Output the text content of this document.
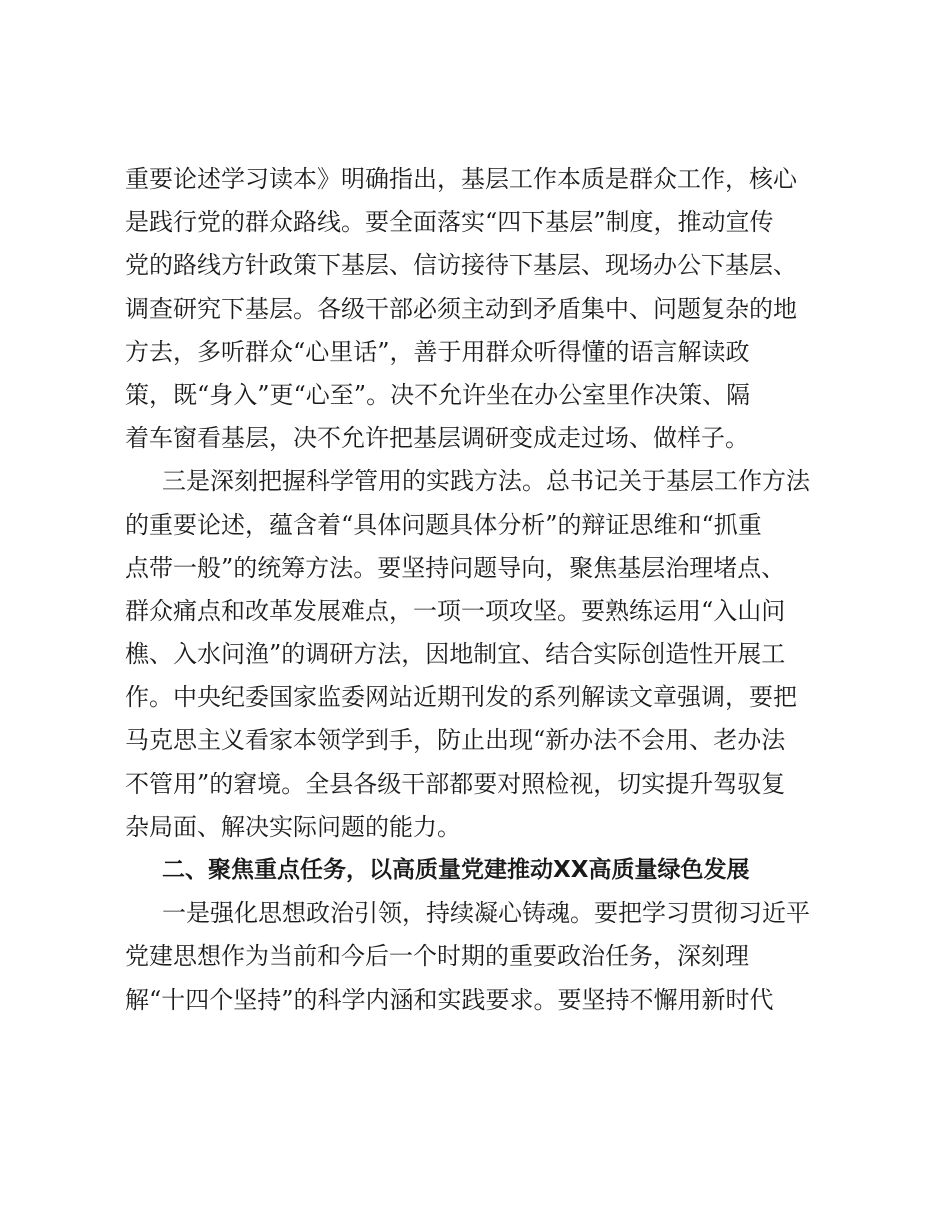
重要论述学习读本》明确指出，基层工作本质是群众工作，核心
是践行党的群众路线。要全面落实“四下基层”制度，推动宣传
党的路线方针政策下基层、信访接待下基层、现场办公下基层、
调查研究下基层。各级干部必须主动到矛盾集中、问题复杂的地
方去，多听群众“心里话”，善于用群众听得懂的语言解读政
策，既“身入”更“心至”。决不允许坐在办公室里作决策、隔
着车窗看基层，决不允许把基层调研变成走过场、做样子。
三是深刻把握科学管用的实践方法。总书记关于基层工作方法
的重要论述，蕴含着“具体问题具体分析”的辩证思维和“抓重
点带一般”的统筹方法。要坚持问题导向，聚焦基层治理堵点、
群众痛点和改革发展难点，一项一项攻坚。要熟练运用“入山问
樵、入水问渔”的调研方法，因地制宜、结合实际创造性开展工
作。中央纪委国家监委网站近期刊发的系列解读文章强调，要把
马克思主义看家本领学到手，防止出现“新办法不会用、老办法
不管用”的窘境。全县各级干部都要对照检视，切实提升驾驭复
杂局面、解决实际问题的能力。
二、聚焦重点任务，以高质量党建推动XX高质量绿色发展
一是强化思想政治引领，持续凝心铸魂。要把学习贯彻习近平
党建思想作为当前和今后一个时期的重要政治任务，深刻理
解“十四个坚持”的科学内涵和实践要求。要坚持不懈用新时代
